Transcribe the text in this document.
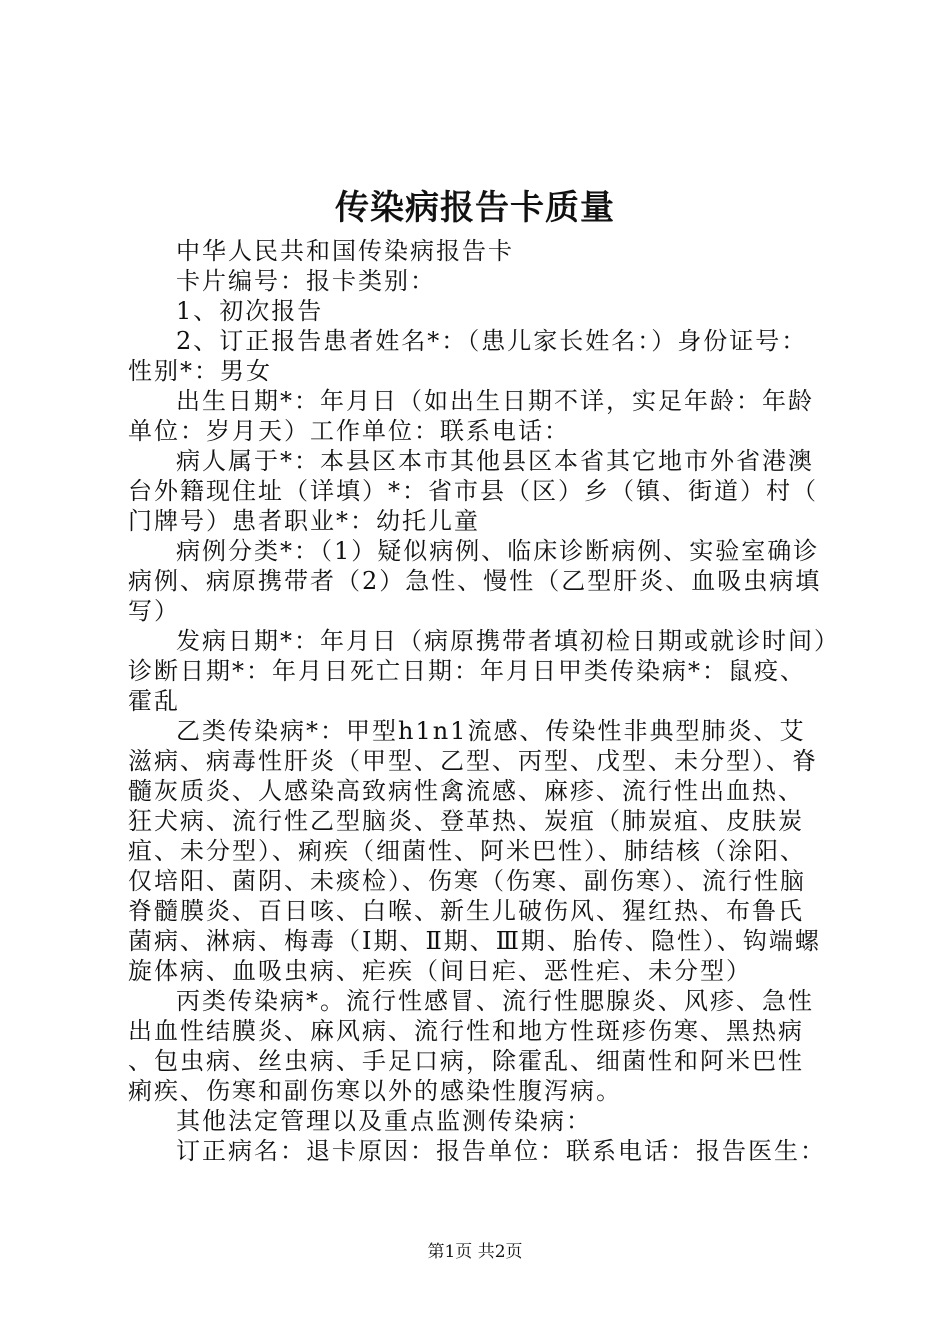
传染病报告卡质量

中华人民共和国传染病报告卡

卡片编号：报卡类别：

1、初次报告

2、订正报告患者姓名*：（患儿家长姓名：）身份证号：性别*：男女

出生日期*：年月日（如出生日期不详，实足年龄：年龄单位：岁月天）工作单位：联系电话：

病人属于*：本县区本市其他县区本省其它地市外省港澳台外籍现住址（详填）*：省市县（区）乡（镇、街道）村（门牌号）患者职业*：幼托儿童

病例分类*：（1）疑似病例、临床诊断病例、实验室确诊病例、病原携带者（2）急性、慢性（乙型肝炎、血吸虫病填写）

发病日期*：年月日（病原携带者填初检日期或就诊时间）诊断日期*：年月日死亡日期：年月日甲类传染病*：鼠疫、霍乱

乙类传染病*：甲型h1n1流感、传染性非典型肺炎、艾滋病、病毒性肝炎（甲型、乙型、丙型、戊型、未分型）、脊髓灰质炎、人感染高致病性禽流感、麻疹、流行性出血热、狂犬病、流行性乙型脑炎、登革热、炭疽（肺炭疽、皮肤炭疽、未分型）、痢疾（细菌性、阿米巴性）、肺结核（涂阳、仅培阳、菌阴、未痰检）、伤寒（伤寒、副伤寒）、流行性脑脊髓膜炎、百日咳、白喉、新生儿破伤风、猩红热、布鲁氏菌病、淋病、梅毒（Ⅰ期、Ⅱ期、Ⅲ期、胎传、隐性）、钩端螺旋体病、血吸虫病、疟疾（间日疟、恶性疟、未分型）

丙类传染病*。流行性感冒、流行性腮腺炎、风疹、急性出血性结膜炎、麻风病、流行性和地方性斑疹伤寒、黑热病、包虫病、丝虫病、手足口病，除霍乱、细菌性和阿米巴性痢疾、伤寒和副伤寒以外的感染性腹泻病。

其他法定管理以及重点监测传染病：

订正病名：退卡原因：报告单位：联系电话：报告医生：

第1页 共2页
